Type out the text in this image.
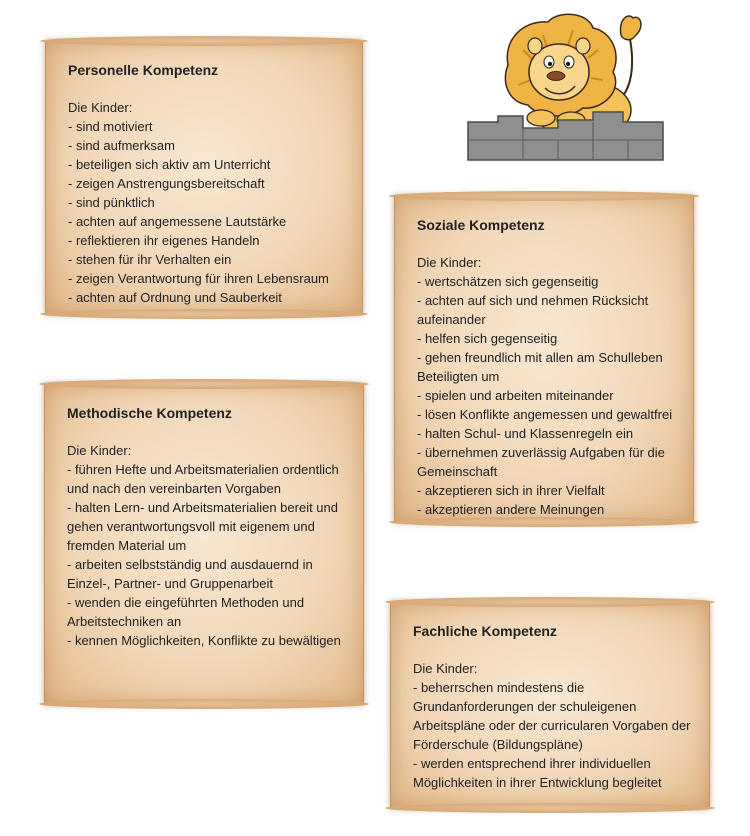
Personelle Kompetenz
Die Kinder:
- sind motiviert
- sind aufmerksam
- beteiligen sich aktiv am Unterricht
- zeigen Anstrengungsbereitschaft
- sind pünktlich
- achten auf angemessene Lautstärke
- reflektieren ihr eigenes Handeln
- stehen für ihr Verhalten ein
- zeigen Verantwortung für ihren Lebensraum
- achten auf Ordnung und Sauberkeit
Soziale Kompetenz
Die Kinder:
- wertschätzen sich gegenseitig
- achten auf sich und nehmen Rücksicht aufeinander
- helfen sich gegenseitig
- gehen freundlich mit allen am Schulleben Beteiligten um
- spielen und arbeiten miteinander
- lösen Konflikte angemessen und gewaltfrei
- halten Schul- und Klassenregeln ein
- übernehmen zuverlässig Aufgaben für die Gemeinschaft
- akzeptieren sich in ihrer Vielfalt
- akzeptieren andere Meinungen
Methodische Kompetenz
Die Kinder:
- führen Hefte und Arbeitsmaterialien ordentlich und nach den vereinbarten Vorgaben
- halten Lern- und Arbeitsmaterialien bereit und gehen verantwortungsvoll mit eigenem und fremden Material um
- arbeiten selbstständig und ausdauernd in Einzel-, Partner- und Gruppenarbeit
- wenden die eingeführten Methoden und Arbeitstechniken an
- kennen Möglichkeiten, Konflikte zu bewältigen
Fachliche Kompetenz
Die Kinder:
- beherrschen mindestens die Grundanforderungen der schuleigenen Arbeitspläne oder der curricularen Vorgaben der Förderschule (Bildungspläne)
- werden entsprechend ihrer individuellen Möglichkeiten in ihrer Entwicklung begleitet
